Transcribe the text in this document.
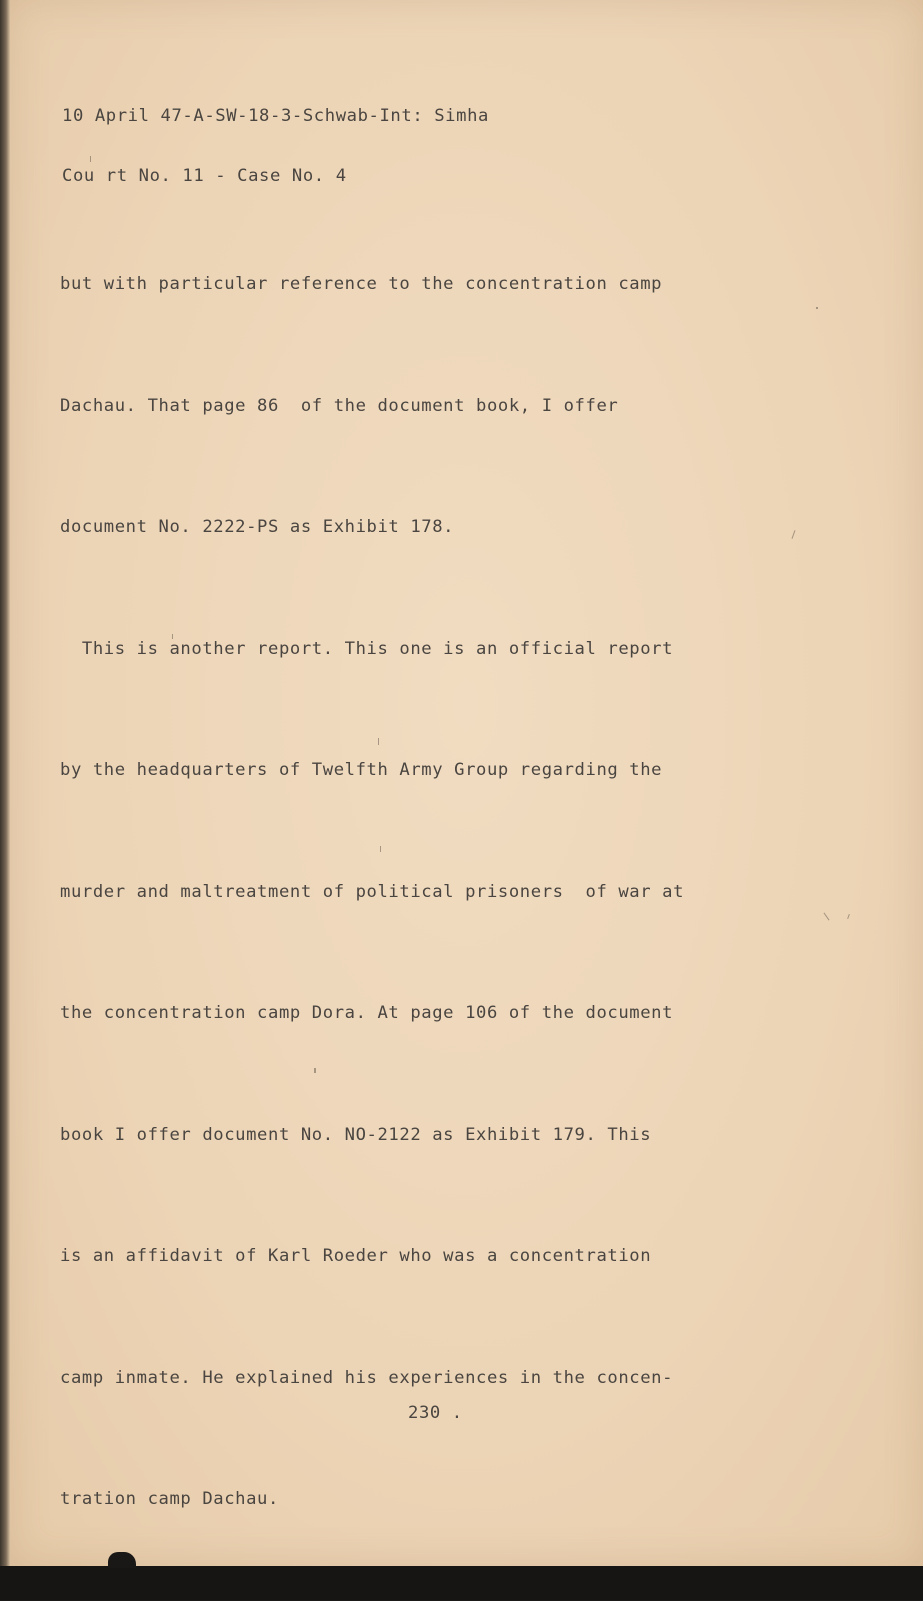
10 April 47-A-SW-18-3-Schwab-Int: Simha

Cou rt No. 11 - Case No. 4

but with particular reference to the concentration camp

Dachau. That page 86  of the document book, I offer

document No. 2222-PS as Exhibit 178.

This is another report. This one is an official report

by the headquarters of Twelfth Army Group regarding the

murder and maltreatment of political prisoners  of war at

the concentration camp Dora. At page 106 of the document

book I offer document No. NO-2122 as Exhibit 179. This

is an affidavit of Karl Roeder who was a concentration

camp inmate. He explained his experiences in the concen-

tration camp Dachau.

230 .
